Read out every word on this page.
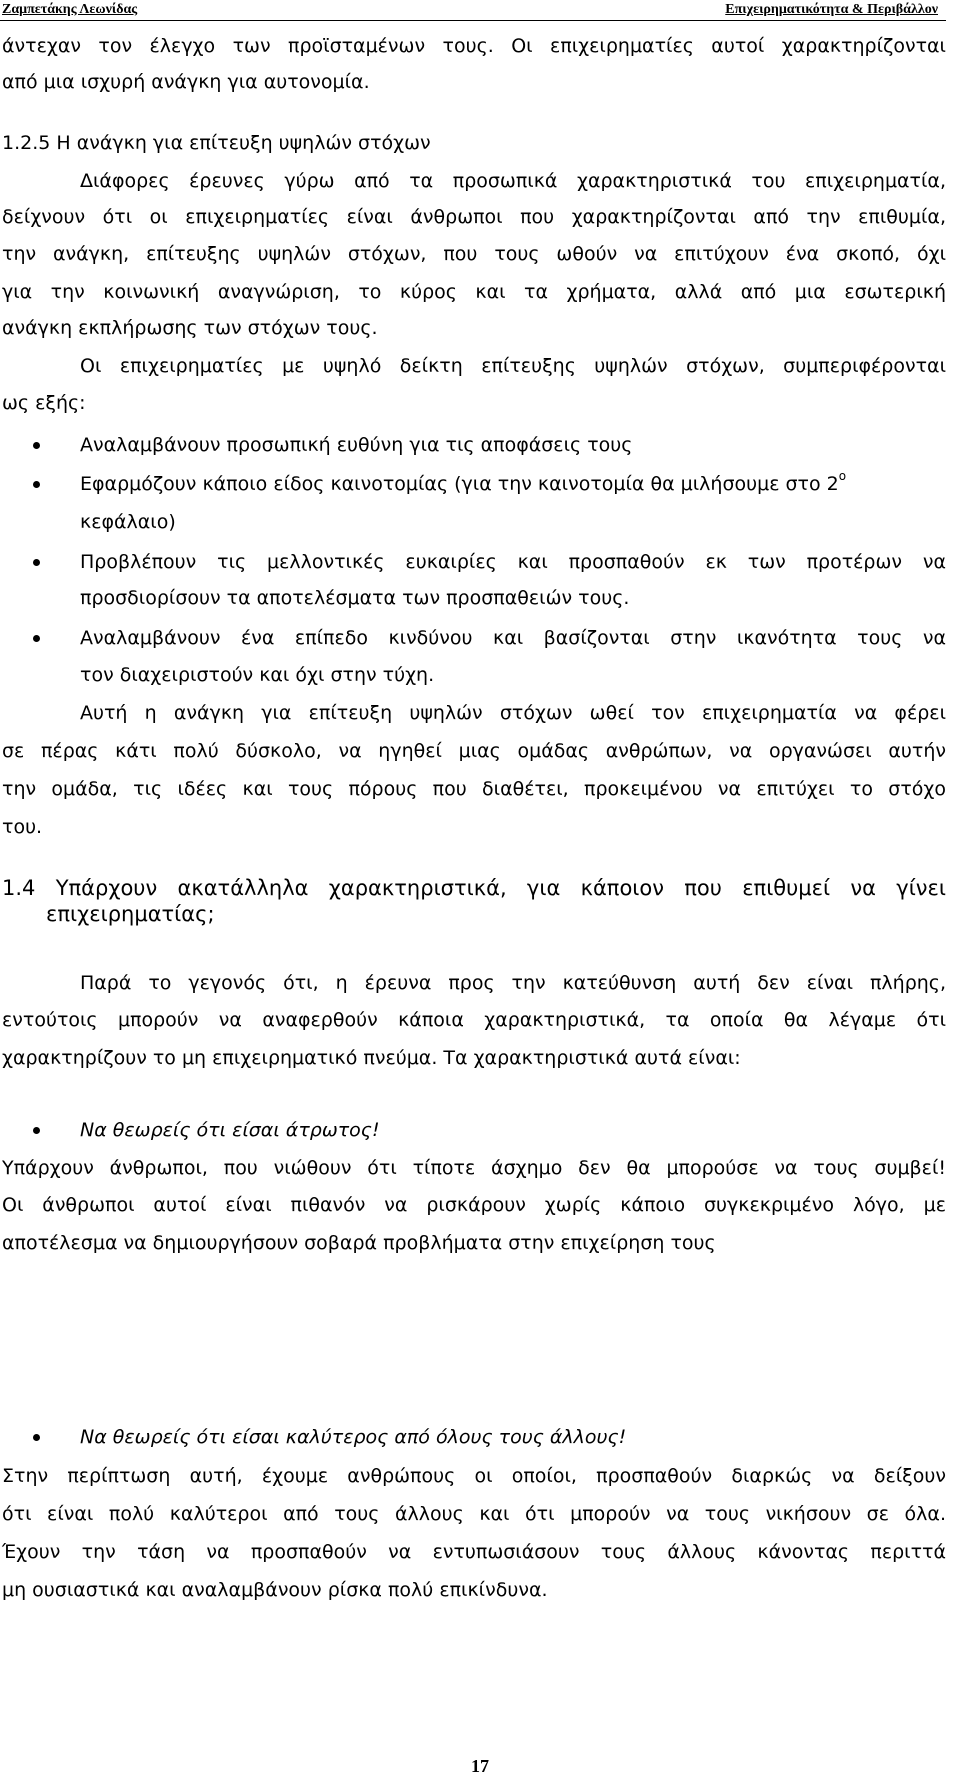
Ζαμπετάκης Λεωνίδας	Επιχειρηματικότητα & Περιβάλλον
άντεχαν τον έλεγχο των προϊσταμένων τους. Οι επιχειρηματίες αυτοί χαρακτηρίζονται
από μια ισχυρή ανάγκη για αυτονομία.
1.2.5 Η ανάγκη για επίτευξη υψηλών στόχων
Διάφορες έρευνες γύρω από τα προσωπικά χαρακτηριστικά του επιχειρηματία,
δείχνουν ότι οι επιχειρηματίες είναι άνθρωποι που χαρακτηρίζονται από την επιθυμία,
την ανάγκη, επίτευξης υψηλών στόχων, που τους ωθούν να επιτύχουν ένα σκοπό, όχι
για την κοινωνική αναγνώριση, το κύρος και τα χρήματα, αλλά από μια εσωτερική
ανάγκη εκπλήρωσης των στόχων τους.
Οι επιχειρηματίες με υψηλό δείκτη επίτευξης υψηλών στόχων, συμπεριφέρονται
ως εξής:
Αναλαμβάνουν προσωπική ευθύνη για τις αποφάσεις τους
Εφαρμόζουν κάποιο είδος καινοτομίας (για την καινοτομία θα μιλήσουμε στο $2^o$
κεφάλαιο)
Προβλέπουν τις μελλοντικές ευκαιρίες και προσπαθούν εκ των προτέρων να
προσδιορίσουν τα αποτελέσματα των προσπαθειών τους.
Αναλαμβάνουν ένα επίπεδο κινδύνου και βασίζονται στην ικανότητα τους να
τον διαχειριστούν και όχι στην τύχη.
Αυτή η ανάγκη για επίτευξη υψηλών στόχων ωθεί τον επιχειρηματία να φέρει
σε πέρας κάτι πολύ δύσκολο, να ηγηθεί μιας ομάδας ανθρώπων, να οργανώσει αυτήν
την ομάδα, τις ιδέες και τους πόρους που διαθέτει, προκειμένου να επιτύχει το στόχο
του.
1.4 Υπάρχουν ακατάλληλα χαρακτηριστικά, για κάποιον που επιθυμεί να γίνει
επιχειρηματίας;
Παρά το γεγονός ότι, η έρευνα προς την κατεύθυνση αυτή δεν είναι πλήρης,
εντούτοις μπορούν να αναφερθούν κάποια χαρακτηριστικά, τα οποία θα λέγαμε ότι
χαρακτηρίζουν το μη επιχειρηματικό πνεύμα. Τα χαρακτηριστικά αυτά είναι:
Να θεωρείς ότι είσαι άτρωτος!
Υπάρχουν άνθρωποι, που νιώθουν ότι τίποτε άσχημο δεν θα μπορούσε να τους συμβεί!
Οι άνθρωποι αυτοί είναι πιθανόν να ρισκάρουν χωρίς κάποιο συγκεκριμένο λόγο, με
αποτέλεσμα να δημιουργήσουν σοβαρά προβλήματα στην επιχείρηση τους
Να θεωρείς ότι είσαι καλύτερος από όλους τους άλλους!
Στην περίπτωση αυτή, έχουμε ανθρώπους οι οποίοι, προσπαθούν διαρκώς να δείξουν
ότι είναι πολύ καλύτεροι από τους άλλους και ότι μπορούν να τους νικήσουν σε όλα.
Έχουν την τάση να προσπαθούν να εντυπωσιάσουν τους άλλους κάνοντας περιττά
μη ουσιαστικά και αναλαμβάνουν ρίσκα πολύ επικίνδυνα.
17
